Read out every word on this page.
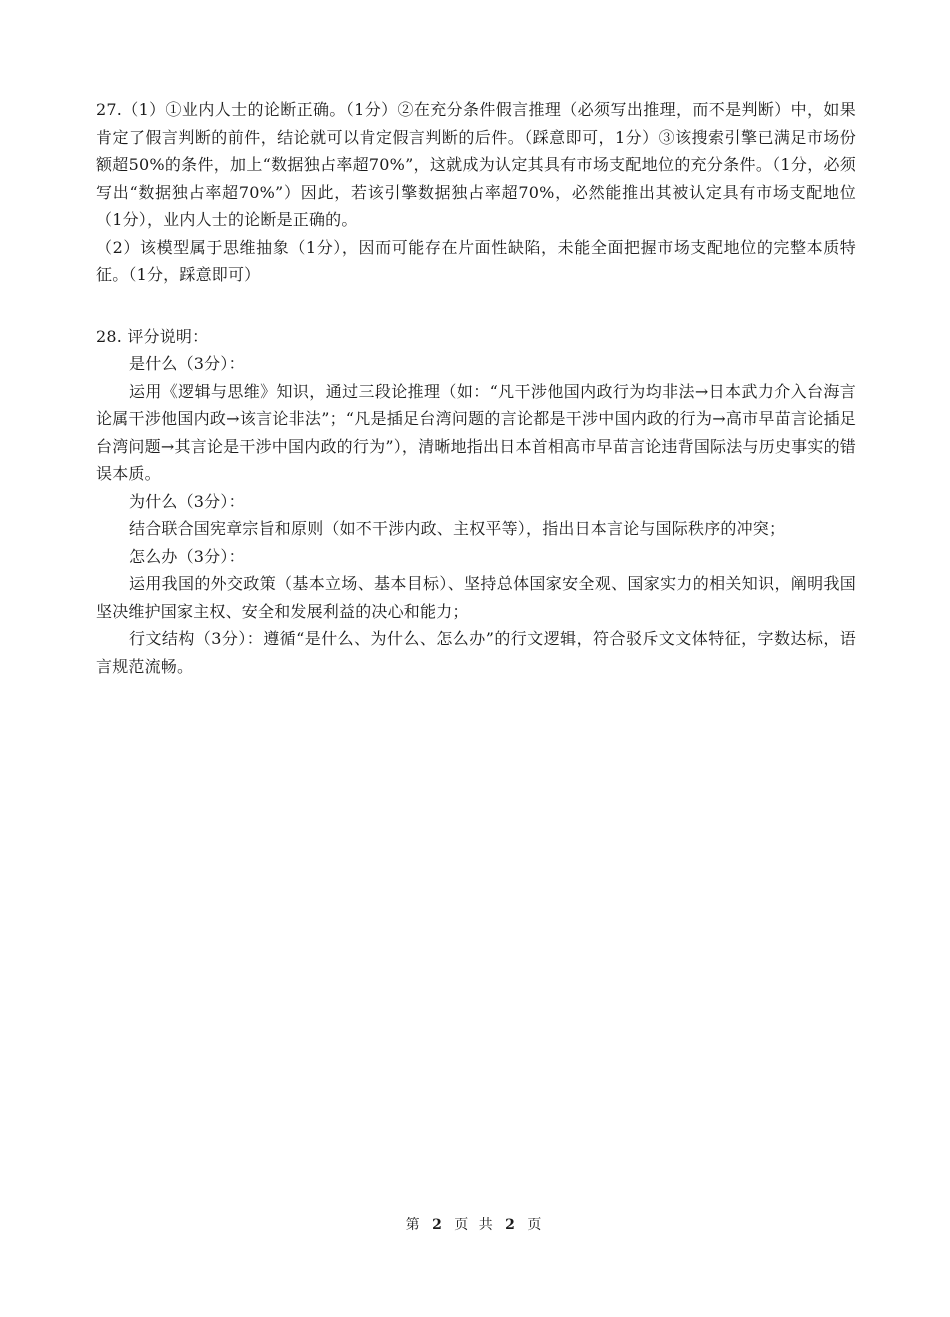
27.（1）①业内人士的论断正确。（1分）②在充分条件假言推理（必须写出推理，而不是判断）中，如果肯定了假言判断的前件，结论就可以肯定假言判断的后件。（踩意即可，1分）③该搜索引擎已满足市场份额超50%的条件，加上“数据独占率超70%”，这就成为认定其具有市场支配地位的充分条件。（1分，必须写出“数据独占率超70%”）因此，若该引擎数据独占率超70%，必然能推出其被认定具有市场支配地位（1分），业内人士的论断是正确的。

（2）该模型属于思维抽象（1分），因而可能存在片面性缺陷，未能全面把握市场支配地位的完整本质特征。（1分，踩意即可）

28. 评分说明：

是什么（3分）：

运用《逻辑与思维》知识，通过三段论推理（如：“凡干涉他国内政行为均非法→日本武力介入台海言论属干涉他国内政→该言论非法”；“凡是插足台湾问题的言论都是干涉中国内政的行为→高市早苗言论插足台湾问题→其言论是干涉中国内政的行为”），清晰地指出日本首相高市早苗言论违背国际法与历史事实的错误本质。

为什么（3分）：

结合联合国宪章宗旨和原则（如不干涉内政、主权平等），指出日本言论与国际秩序的冲突；

怎么办（3分）：

运用我国的外交政策（基本立场、基本目标）、坚持总体国家安全观、国家实力的相关知识，阐明我国坚决维护国家主权、安全和发展利益的决心和能力；

行文结构（3分）：遵循“是什么、为什么、怎么办”的行文逻辑，符合驳斥文文体特征，字数达标，语言规范流畅。

第 2 页 共 2 页
